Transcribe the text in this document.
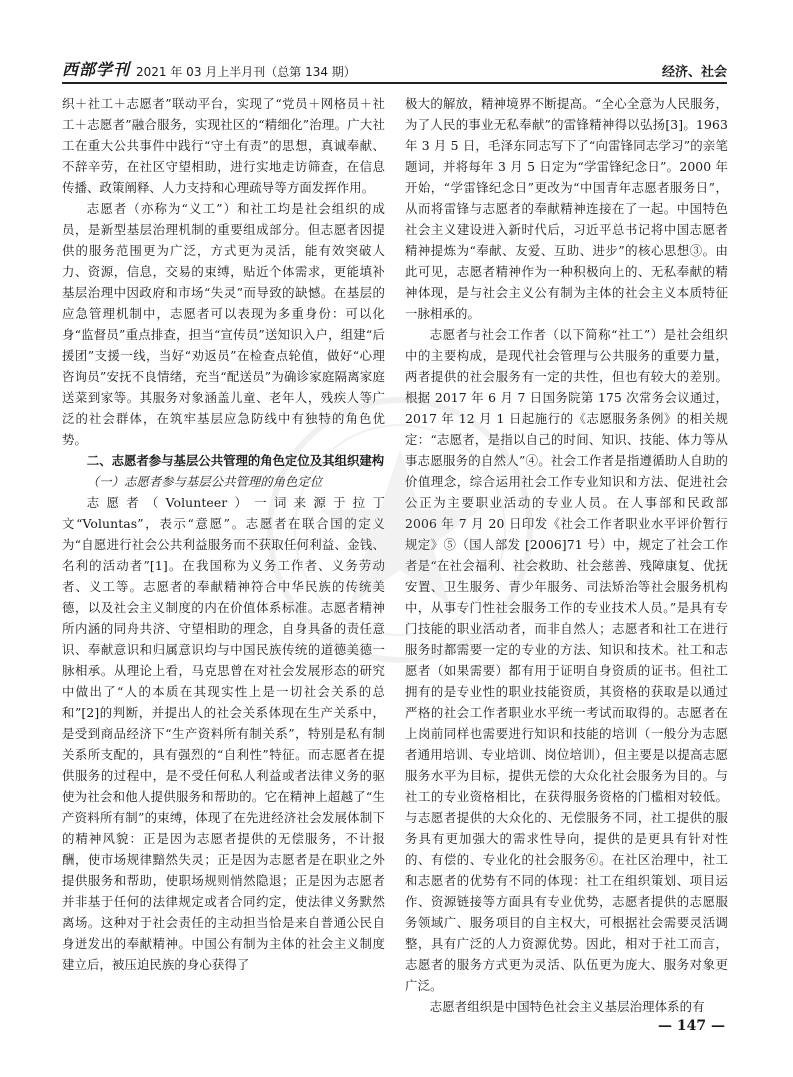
西部学刊 2021 年 03 月上半月刊（总第 134 期）	经济、社会

织＋社工＋志愿者”联动平台，实现了“党员＋网格员＋社工＋志愿者”融合服务，实现社区的“精细化”治理。广大社工在重大公共事件中践行“守土有责”的思想，真诚奉献、不辞辛劳，在社区守望相助，进行实地走访筛查，在信息传播、政策阐释、人力支持和心理疏导等方面发挥作用。

志愿者（亦称为“义工”）和社工均是社会组织的成员，是新型基层治理机制的重要组成部分。但志愿者因提供的服务范围更为广泛，方式更为灵活，能有效突破人力、资源，信息，交易的束缚，贴近个体需求，更能填补基层治理中因政府和市场“失灵”而导致的缺憾。在基层的应急管理机制中，志愿者可以表现为多重身份：可以化身“监督员”重点排查，担当“宣传员”送知识入户，组建“后援团”支援一线，当好“劝返员”在检查点轮值，做好“心理咨询员”安抚不良情绪，充当“配送员”为确诊家庭隔离家庭送菜到家等。其服务对象涵盖儿童、老年人，残疾人等广泛的社会群体，在筑牢基层应急防线中有独特的角色优势。

二、志愿者参与基层公共管理的角色定位及其组织建构
（一）志愿者参与基层公共管理的角色定位

志愿者（Volunteer）一词来源于拉丁文“Voluntas”，表示“意愿”。志愿者在联合国的定义为“自愿进行社会公共利益服务而不获取任何利益、金钱、名利的活动者”[1]。在我国称为义务工作者、义务劳动者、义工等。志愿者的奉献精神符合中华民族的传统美德，以及社会主义制度的内在价值体系标准。志愿者精神所内涵的同舟共济、守望相助的理念，自身具备的责任意识、奉献意识和归属意识均与中国民族传统的道德美德一脉相承。从理论上看，马克思曾在对社会发展形态的研究中做出了“人的本质在其现实性上是一切社会关系的总和”[2]的判断，并提出人的社会关系体现在生产关系中，是受到商品经济下“生产资料所有制关系”，特别是私有制关系所支配的，具有强烈的“自利性”特征。而志愿者在提供服务的过程中，是不受任何私人利益或者法律义务的驱使为社会和他人提供服务和帮助的。它在精神上超越了“生产资料所有制”的束缚，体现了在先进经济社会发展体制下的精神风貌：正是因为志愿者提供的无偿服务，不计报酬，使市场规律黯然失灵；正是因为志愿者是在职业之外提供服务和帮助，使职场规则悄然隐退；正是因为志愿者并非基于任何的法律规定或者合同约定，使法律义务默然离场。这种对于社会责任的主动担当恰是来自普通公民自身迸发出的奉献精神。中国公有制为主体的社会主义制度建立后，被压迫民族的身心获得了

极大的解放，精神境界不断提高。“全心全意为人民服务，为了人民的事业无私奉献”的雷锋精神得以弘扬[3]。1963 年 3 月 5 日，毛泽东同志写下了“向雷锋同志学习”的亲笔题词，并将每年 3 月 5 日定为“学雷锋纪念日”。2000 年开始，“学雷锋纪念日”更改为“中国青年志愿者服务日”，从而将雷锋与志愿者的奉献精神连接在了一起。中国特色社会主义建设进入新时代后，习近平总书记将中国志愿者精神提炼为“奉献、友爱、互助、进步”的核心思想③。由此可见，志愿者精神作为一种积极向上的、无私奉献的精神体现，是与社会主义公有制为主体的社会主义本质特征一脉相承的。

志愿者与社会工作者（以下简称“社工”）是社会组织中的主要构成，是现代社会管理与公共服务的重要力量，两者提供的社会服务有一定的共性，但也有较大的差别。根据 2017 年 6 月 7 日国务院第 175 次常务会议通过，2017 年 12 月 1 日起施行的《志愿服务条例》的相关规定：“志愿者，是指以自己的时间、知识、技能、体力等从事志愿服务的自然人”④。社会工作者是指遵循助人自助的价值理念，综合运用社会工作专业知识和方法、促进社会公正为主要职业活动的专业人员。在人事部和民政部 2006 年 7 月 20 日印发《社会工作者职业水平评价暂行规定》⑤（国人部发 [2006]71 号）中，规定了社会工作者是“在社会福利、社会救助、社会慈善、残障康复、优抚安置、卫生服务、青少年服务、司法矫治等社会服务机构中，从事专门性社会服务工作的专业技术人员。”是具有专门技能的职业活动者，而非自然人；志愿者和社工在进行服务时都需要一定的专业的方法、知识和技术。社工和志愿者（如果需要）都有用于证明自身资质的证书。但社工拥有的是专业性的职业技能资质，其资格的获取是以通过严格的社会工作者职业水平统一考试而取得的。志愿者在上岗前同样也需要进行知识和技能的培训（一般分为志愿者通用培训、专业培训、岗位培训），但主要是以提高志愿服务水平为目标，提供无偿的大众化社会服务为目的。与社工的专业资格相比，在获得服务资格的门槛相对较低。与志愿者提供的大众化的、无偿服务不同，社工提供的服务具有更加强大的需求性导向，提供的是更具有针对性的、有偿的、专业化的社会服务⑥。在社区治理中，社工和志愿者的优势有不同的体现：社工在组织策划、项目运作、资源链接等方面具有专业优势，志愿者提供的志愿服务领域广、服务项目的自主权大，可根据社会需要灵活调整，具有广泛的人力资源优势。因此，相对于社工而言，志愿者的服务方式更为灵活、队伍更为庞大、服务对象更广泛。

志愿者组织是中国特色社会主义基层治理体系的有

— 147 —
